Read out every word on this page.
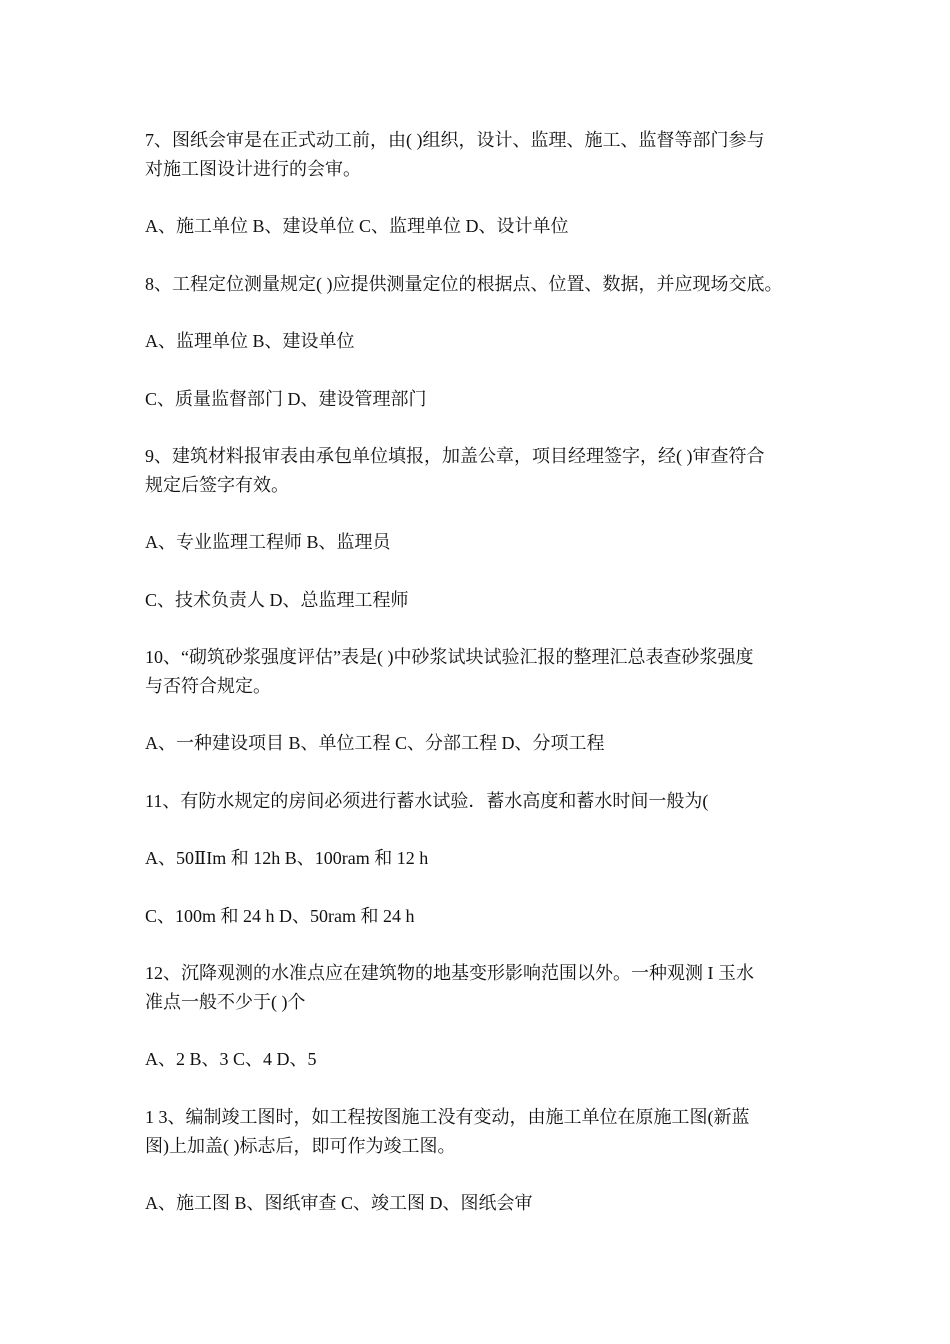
7、图纸会审是在正式动工前，由( )组织，设计、监理、施工、监督等部门参与
对施工图设计进行的会审。
A、施工单位 B、建设单位 C、监理单位 D、设计单位
8、工程定位测量规定( )应提供测量定位的根据点、位置、数据，并应现场交底。
A、监理单位 B、建设单位
C、质量监督部门 D、建设管理部门
9、建筑材料报审表由承包单位填报，加盖公章，项目经理签字，经( )审查符合
规定后签字有效。
A、专业监理工程师 B、监理员
C、技术负责人 D、总监理工程师
10、“砌筑砂浆强度评估”表是( )中砂浆试块试验汇报的整理汇总表查砂浆强度
与否符合规定。
A、一种建设项目 B、单位工程 C、分部工程 D、分项工程
11、有防水规定的房间必须进行蓄水试验．蓄水高度和蓄水时间一般为(
A、50ⅡIm 和 12h B、100ram 和 12 h
C、100m 和 24 h D、50ram 和 24 h
12、沉降观测的水准点应在建筑物的地基变形影响范围以外。一种观测 I 玉水
准点一般不少于( )个
A、2 B、3 C、4 D、5
1 3、编制竣工图时，如工程按图施工没有变动，由施工单位在原施工图(新蓝
图)上加盖( )标志后，即可作为竣工图。
A、施工图 B、图纸审查 C、竣工图 D、图纸会审
